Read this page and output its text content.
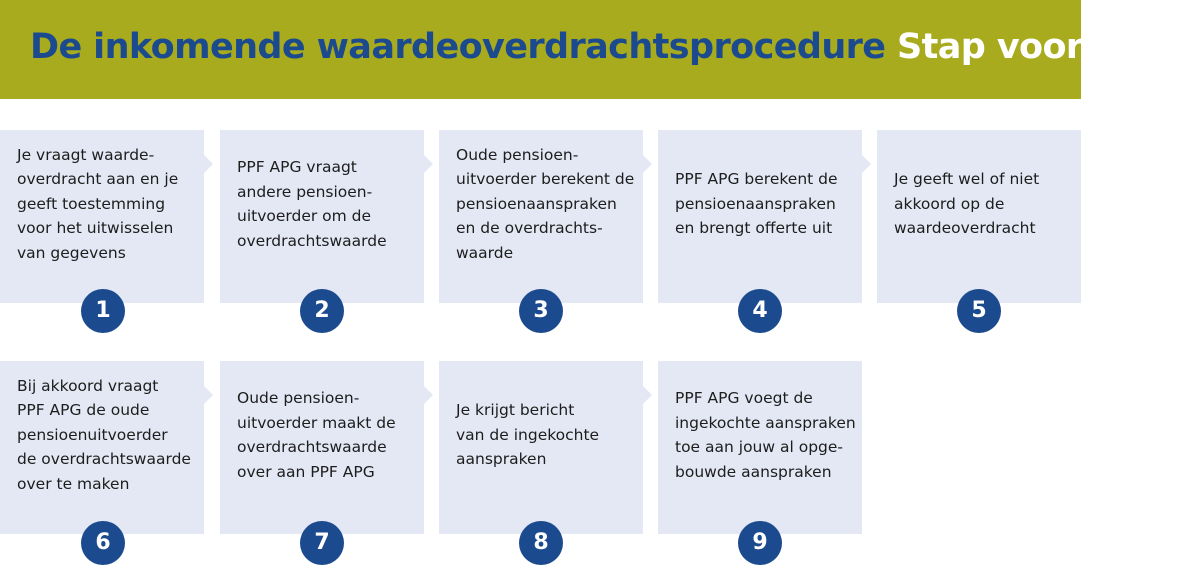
De inkomende waardeoverdrachtsprocedure Stap voor stap
Je vraagt waarde-
overdracht aan en je
geeft toestemming
voor het uitwisselen
van gegevens
1
PPF APG vraagt
andere pensioen-
uitvoerder om de
overdrachtswaarde
2
Oude pensioen-
uitvoerder berekent de
pensioenaanspraken
en de overdrachts-
waarde
3
PPF APG berekent de
pensioenaanspraken
en brengt offerte uit
4
Je geeft wel of niet
akkoord op de
waardeoverdracht
5
Bij akkoord vraagt
PPF APG de oude
pensioenuitvoerder
de overdrachtswaarde
over te maken
6
Oude pensioen-
uitvoerder maakt de
overdrachtswaarde
over aan PPF APG
7
Je krijgt bericht
van de ingekochte
aanspraken
8
PPF APG voegt de
ingekochte aanspraken
toe aan jouw al opge-
bouwde aanspraken
9
